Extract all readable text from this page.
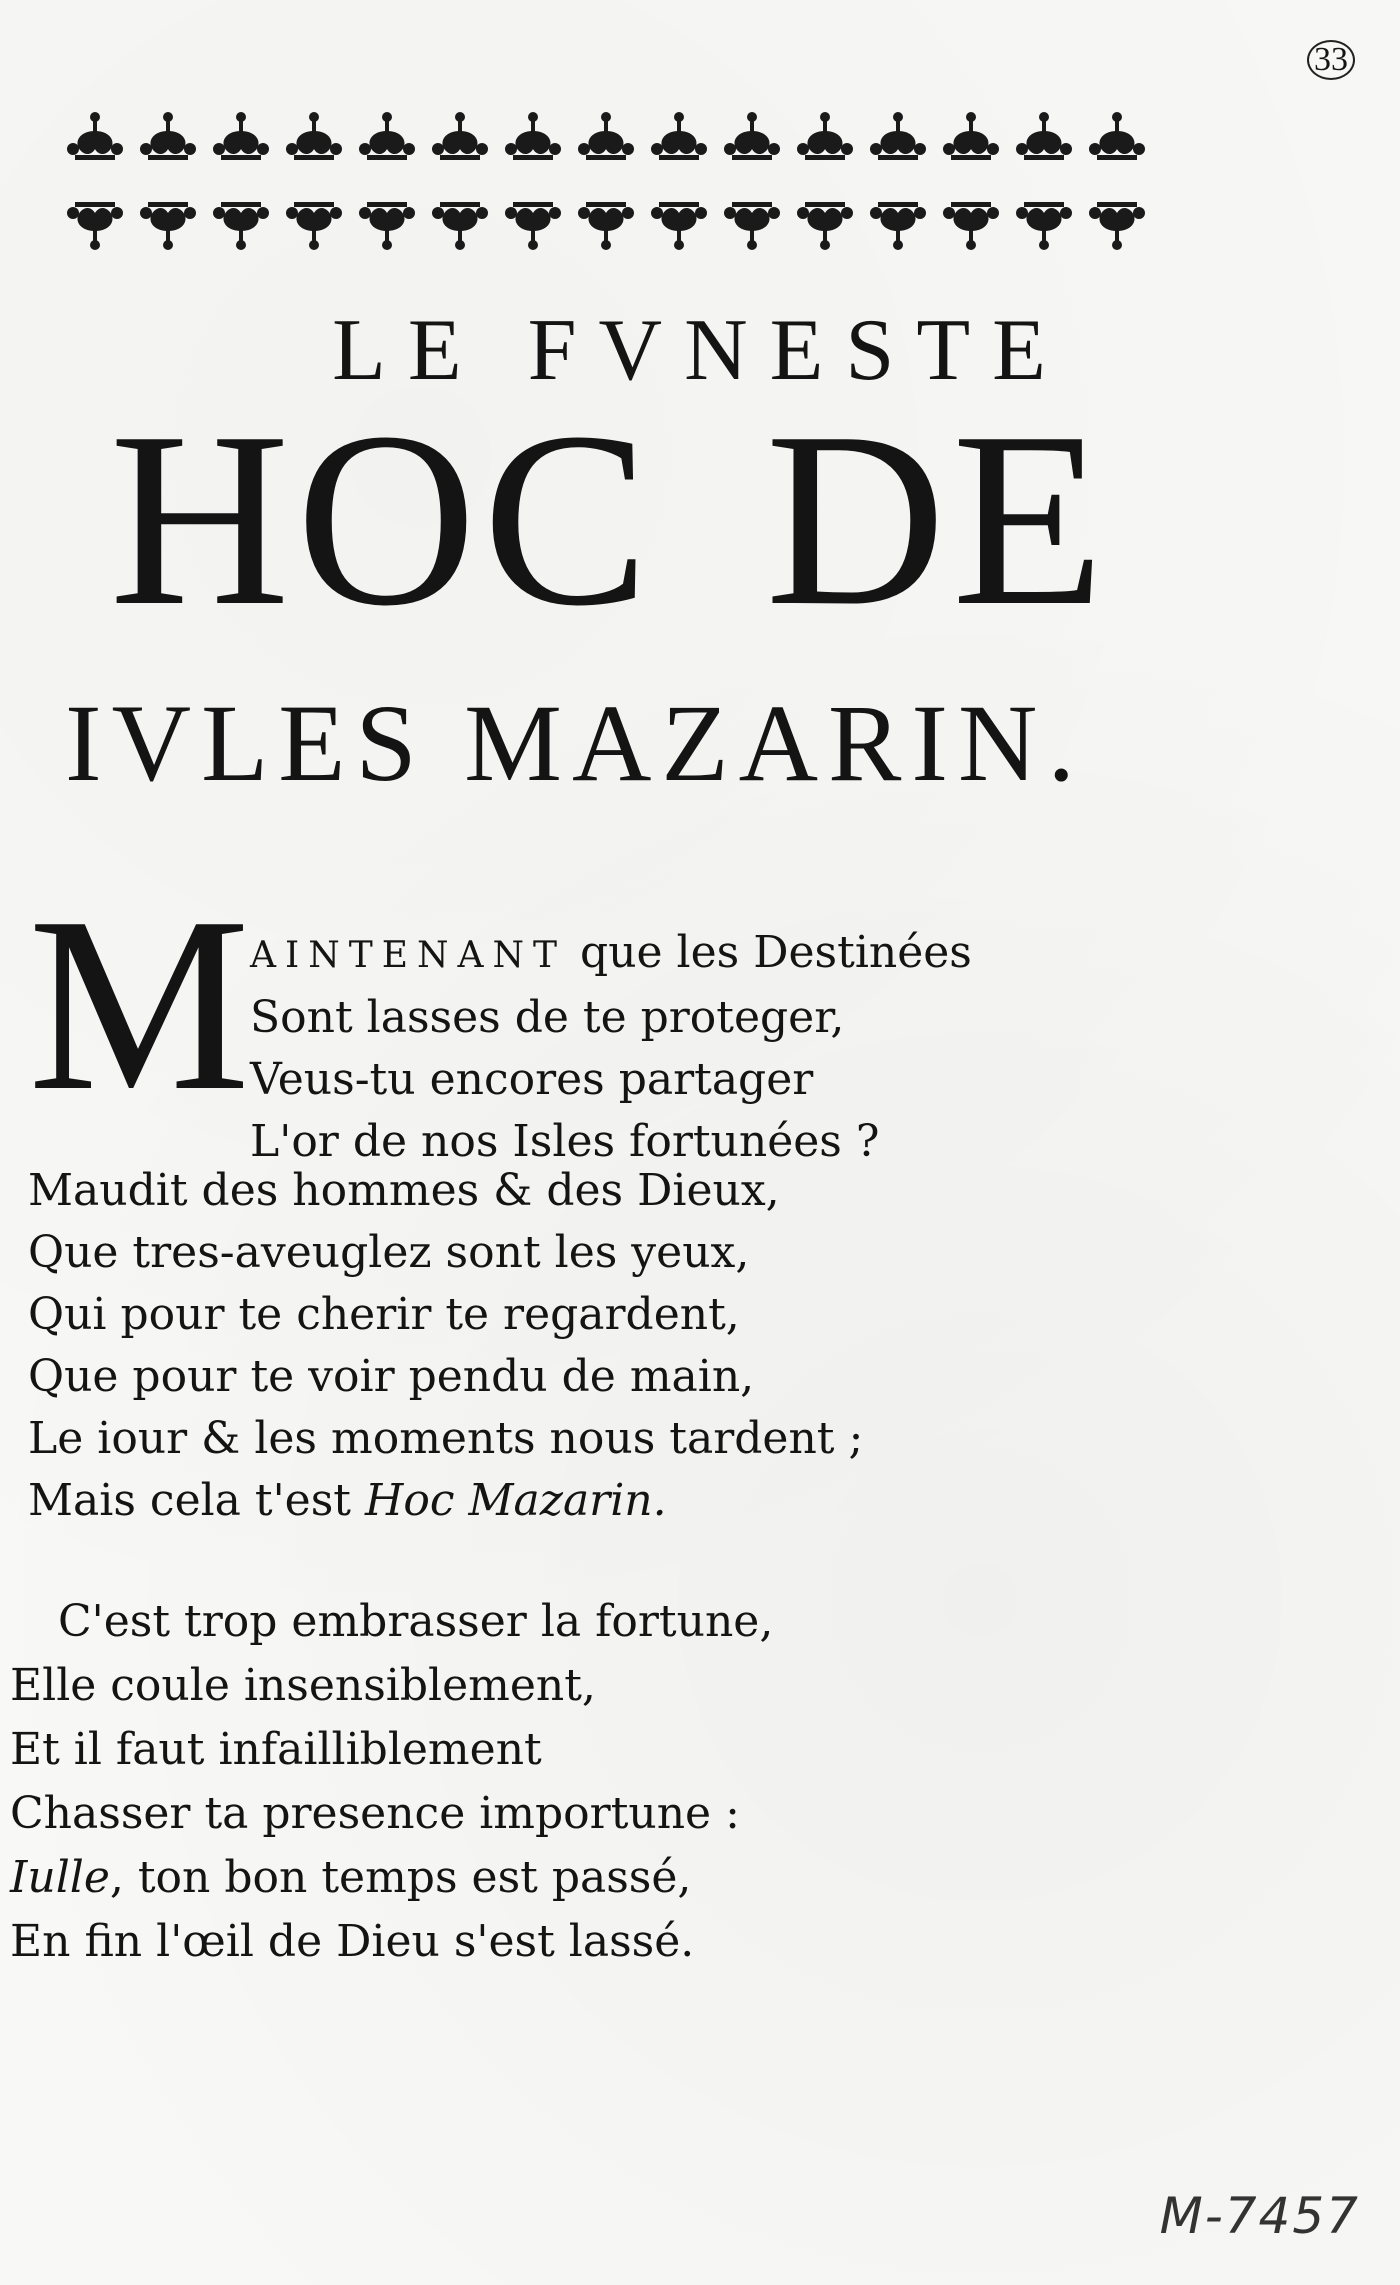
33
LE FVNESTE
HOC DE
IVLES MAZARIN.
M AINTENANT que les Destinées
Sont lasses de te proteger,
Veus-tu encores partager
L'or de nos Isles fortunées ?
Maudit des hommes & des Dieux,
Que tres-aveuglez sont les yeux,
Qui pour te cherir te regardent,
Que pour te voir pendu de main,
Le iour & les moments nous tardent ;
Mais cela t'est Hoc Mazarin.
C'est trop embrasser la fortune,
Elle coule insensiblement,
Et il faut infailliblement
Chasser ta presence importune :
Iulle, ton bon temps est passé,
En fin l'œil de Dieu s'est lassé.
M-7457
